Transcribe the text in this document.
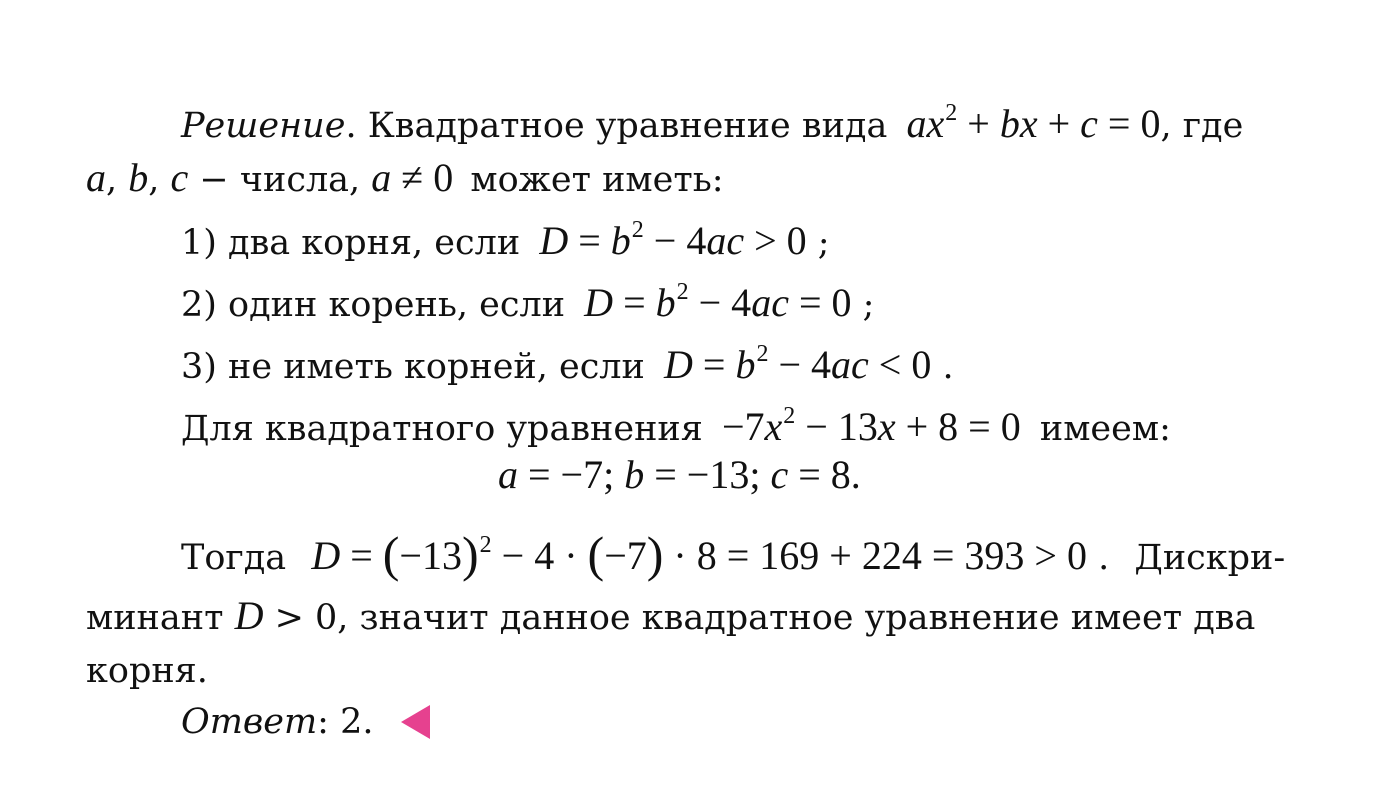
Решение. Квадратное уравнение вида $ax^2$ + bx + c = 0, где
a, b, c − числа, a ≠ 0 может иметь:
1) два корня, если $D = b^2 - 4ac > 0$ ;
2) один корень, если $D = b^2 - 4ac = 0$ ;
3) не иметь корней, если $D = b^2 - 4ac < 0$ .
Для квадратного уравнения $-7x^2 - 13x + 8 = 0$ имеем:
a = −7; b = −13; c = 8.
Тогда $D = (-13)^2 - 4 \cdot (-7) \cdot 8 = 169 + 224 = 393 > 0$ . Дискри-
минант D > 0, значит данное квадратное уравнение имеет два
корня.
Ответ: 2.
